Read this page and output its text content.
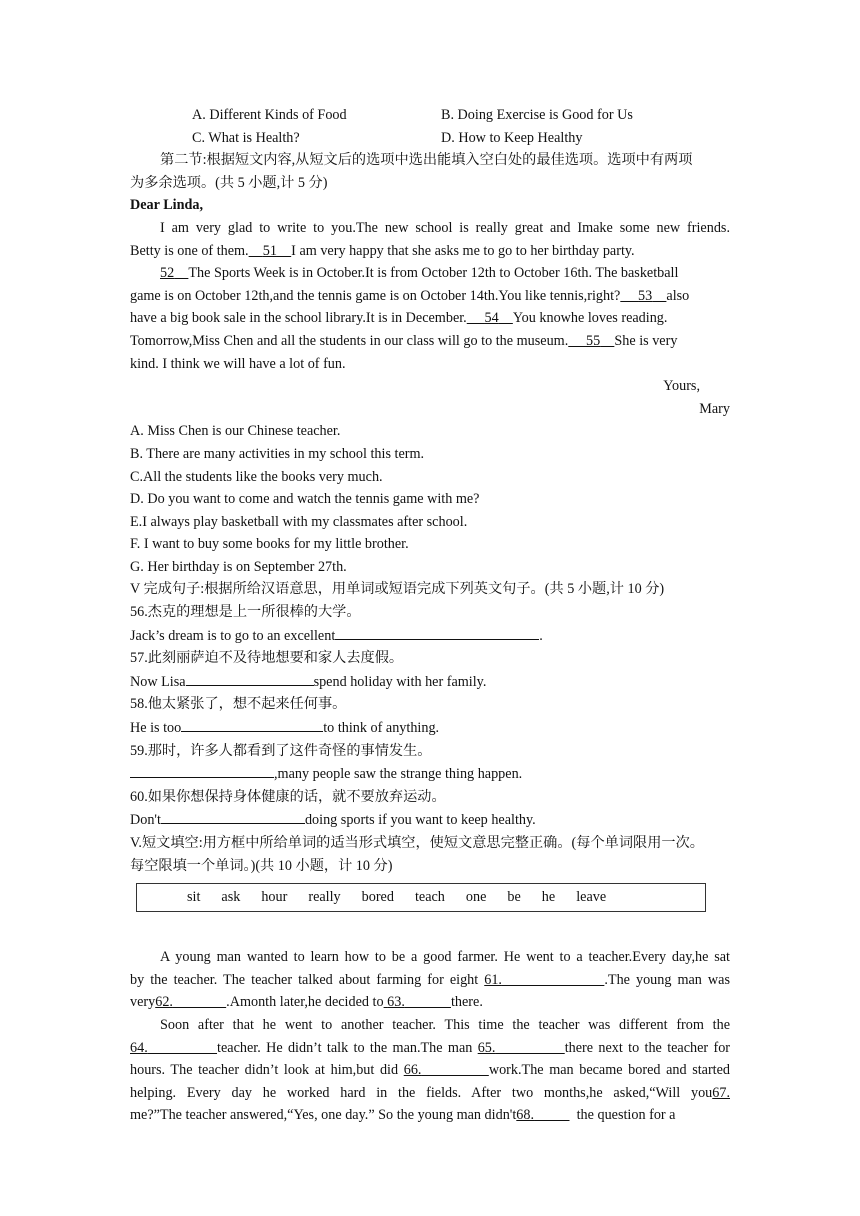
A. Different Kinds of Food	B. Doing Exercise is Good for Us
C. What is Health?	D. How to Keep Healthy
第二节:根据短文内容,从短文后的选项中选出能填入空白处的最佳选项。选项中有两项
为多余选项。(共 5 小题,计 5 分)
Dear Linda,
I am very glad to write to you.The new school is really great and Imake some new friends.
Betty is one of them. 51 I am very happy that she asks me to go to her birthday party.
52 The Sports Week is in October.It is from October 12th to October 16th. The basketball
game is on October 12th,and the tennis game is on October 14th.You like tennis,right? 53 also
have a big book sale in the school library.It is in December. 54 You knowhe loves reading.
Tomorrow,Miss Chen and all the students in our class will go to the museum. 55 She is very
kind. I think we will have a lot of fun.
Yours,
Mary
A. Miss Chen is our Chinese teacher.
B. There are many activities in my school this term.
C.All the students like the books very much.
D. Do you want to come and watch the tennis game with me?
E.I always play basketball with my classmates after school.
F. I want to buy some books for my little brother.
G. Her birthday is on September 27th.
V 完成句子:根据所给汉语意思，用单词或短语完成下列英文句子。(共 5 小题,计 10 分)
56.杰克的理想是上一所很棒的大学。
Jack’s dream is to go to an excellent	.
57.此刻丽萨迫不及待地想要和家人去度假。
Now Lisa	spend holiday with her family.
58.他太紧张了，想不起来任何事。
He is too	to think of anything.
59.那时，许多人都看到了这件奇怪的事情发生。
,many people saw the strange thing happen.
60.如果你想保持身体健康的话，就不要放弃运动。
Don't	doing sports if you want to keep healthy.
V.短文填空:用方框中所给单词的适当形式填空，使短文意思完整正确。(每个单词限用一次。
每空限填一个单词。)(共 10 小题，计 10 分)
sit ask hour really bored teach one be he leave
A young man wanted to learn how to be a good farmer. He went to a teacher.Every day,he sat
by the teacher. The teacher talked about farming for eight 61.	.The young man was
very62.	.Amonth later,he decided to 63.	there.
Soon after that he went to another teacher. This time the teacher was different from the
64.	teacher. He didn’t talk to the man.The man 65.	there next to the teacher for
hours. The teacher didn’t look at him,but did 66.	work.The man became bored and started
helping. Every day he worked hard in the fields. After two months,he asked,“Will you67.
me?”The teacher answered,“Yes, one day.” So the young man didn't68.	the question for a
